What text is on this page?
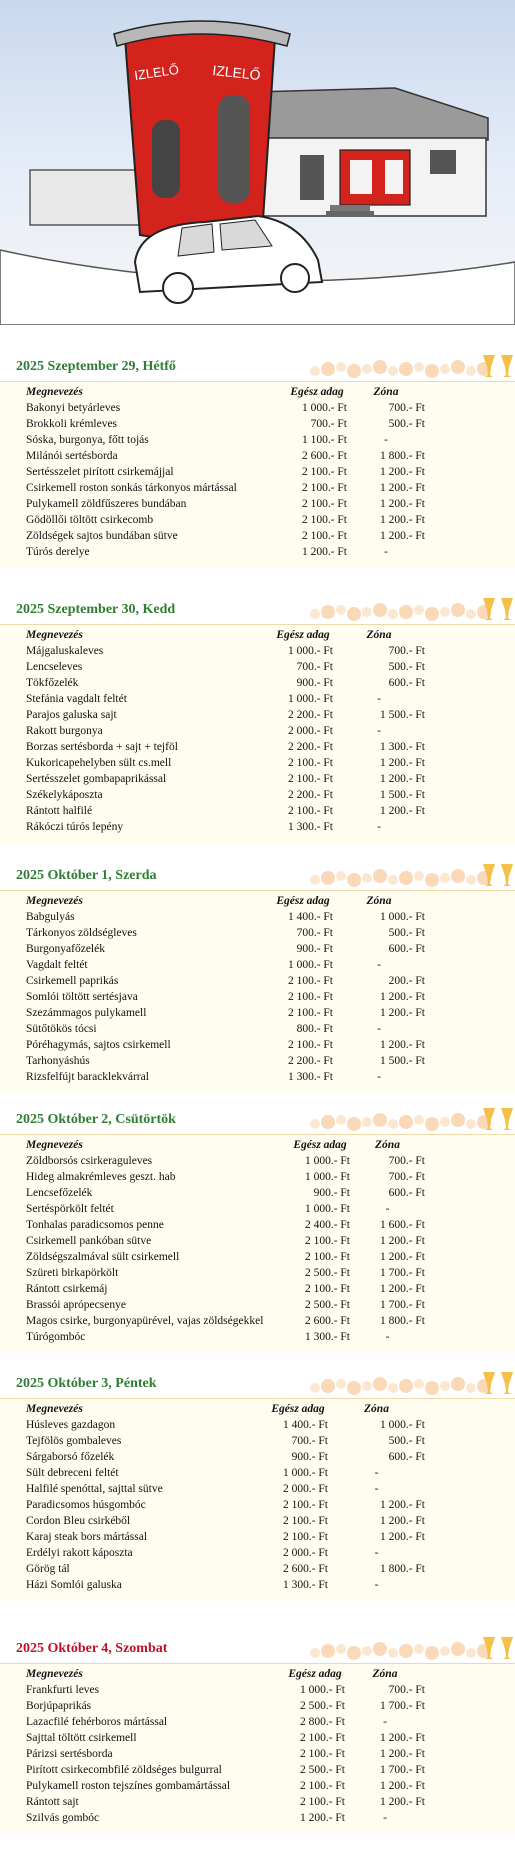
IZLELŐ IZLELŐ
2025 Szeptember 29, Hétfő
Megnevezés	Egész adag	Zóna
Bakonyi betyárleves	1 000.- Ft	700.- Ft
Brokkoli krémleves	700.- Ft	500.- Ft
Sóska, burgonya, főtt tojás	1 100.- Ft	-
Milánói sertésborda	2 600.- Ft	1 800.- Ft
Sertésszelet pirított csirkemájjal	2 100.- Ft	1 200.- Ft
Csirkemell roston sonkás tárkonyos mártással	2 100.- Ft	1 200.- Ft
Pulykamell zöldfűszeres bundában	2 100.- Ft	1 200.- Ft
Gödöllői töltött csirkecomb	2 100.- Ft	1 200.- Ft
Zöldségek sajtos bundában sütve	2 100.- Ft	1 200.- Ft
Túrós derelye	1 200.- Ft	-
2025 Szeptember 30, Kedd
Megnevezés	Egész adag	Zóna
Májgaluskaleves	1 000.- Ft	700.- Ft
Lencseleves	700.- Ft	500.- Ft
Tökfőzelék	900.- Ft	600.- Ft
Stefánia vagdalt feltét	1 000.- Ft	-
Parajos galuska sajt	2 200.- Ft	1 500.- Ft
Rakott burgonya	2 000.- Ft	-
Borzas sertésborda + sajt + tejföl	2 200.- Ft	1 300.- Ft
Kukoricapehelyben sült cs.mell	2 100.- Ft	1 200.- Ft
Sertésszelet gombapaprikással	2 100.- Ft	1 200.- Ft
Székelykáposzta	2 200.- Ft	1 500.- Ft
Rántott halfilé	2 100.- Ft	1 200.- Ft
Rákóczi túrós lepény	1 300.- Ft	-
2025 Október 1, Szerda
Megnevezés	Egész adag	Zóna
Babgulyás	1 400.- Ft	1 000.- Ft
Tárkonyos zöldségleves	700.- Ft	500.- Ft
Burgonyafőzelék	900.- Ft	600.- Ft
Vagdalt feltét	1 000.- Ft	-
Csirkemell paprikás	2 100.- Ft	200.- Ft
Somlói töltött sertésjava	2 100.- Ft	1 200.- Ft
Szezámmagos pulykamell	2 100.- Ft	1 200.- Ft
Sütőtökös tócsi	800.- Ft	-
Póréhagymás, sajtos csirkemell	2 100.- Ft	1 200.- Ft
Tarhonyáshús	2 200.- Ft	1 500.- Ft
Rizsfelfújt baracklekvárral	1 300.- Ft	-
2025 Október 2, Csütörtök
Megnevezés	Egész adag	Zóna
Zöldborsós csirkeraguleves	1 000.- Ft	700.- Ft
Hideg almakrémleves geszt. hab	1 000.- Ft	700.- Ft
Lencsefőzelék	900.- Ft	600.- Ft
Sertéspörkölt feltét	1 000.- Ft	-
Tonhalas paradicsomos penne	2 400.- Ft	1 600.- Ft
Csirkemell pankóban sütve	2 100.- Ft	1 200.- Ft
Zöldségszalmával sült csirkemell	2 100.- Ft	1 200.- Ft
Szüreti birkapörkölt	2 500.- Ft	1 700.- Ft
Rántott csirkemáj	2 100.- Ft	1 200.- Ft
Brassói aprópecsenye	2 500.- Ft	1 700.- Ft
Magos csirke, burgonyapürével, vajas zöldségekkel	2 600.- Ft	1 800.- Ft
Túrógombóc	1 300.- Ft	-
2025 Október 3, Péntek
Megnevezés	Egész adag	Zóna
Húsleves gazdagon	1 400.- Ft	1 000.- Ft
Tejfölös gombaleves	700.- Ft	500.- Ft
Sárgaborsó főzelék	900.- Ft	600.- Ft
Sült debreceni feltét	1 000.- Ft	-
Halfilé spenóttal, sajttal sütve	2 000.- Ft	-
Paradicsomos húsgombóc	2 100.- Ft	1 200.- Ft
Cordon Bleu csirkéből	2 100.- Ft	1 200.- Ft
Karaj steak bors mártással	2 100.- Ft	1 200.- Ft
Erdélyi rakott káposzta	2 000.- Ft	-
Görög tál	2 600.- Ft	1 800.- Ft
Házi Somlói galuska	1 300.- Ft	-
2025 Október 4, Szombat
Megnevezés	Egész adag	Zóna
Frankfurti leves	1 000.- Ft	700.- Ft
Borjúpaprikás	2 500.- Ft	1 700.- Ft
Lazacfilé fehérboros mártással	2 800.- Ft	-
Sajttal töltött csirkemell	2 100.- Ft	1 200.- Ft
Párizsi sertésborda	2 100.- Ft	1 200.- Ft
Pirított csirkecombfilé zöldséges bulgurral	2 500.- Ft	1 700.- Ft
Pulykamell roston tejszínes gombamártással	2 100.- Ft	1 200.- Ft
Rántott sajt	2 100.- Ft	1 200.- Ft
Szilvás gombóc	1 200.- Ft	-
